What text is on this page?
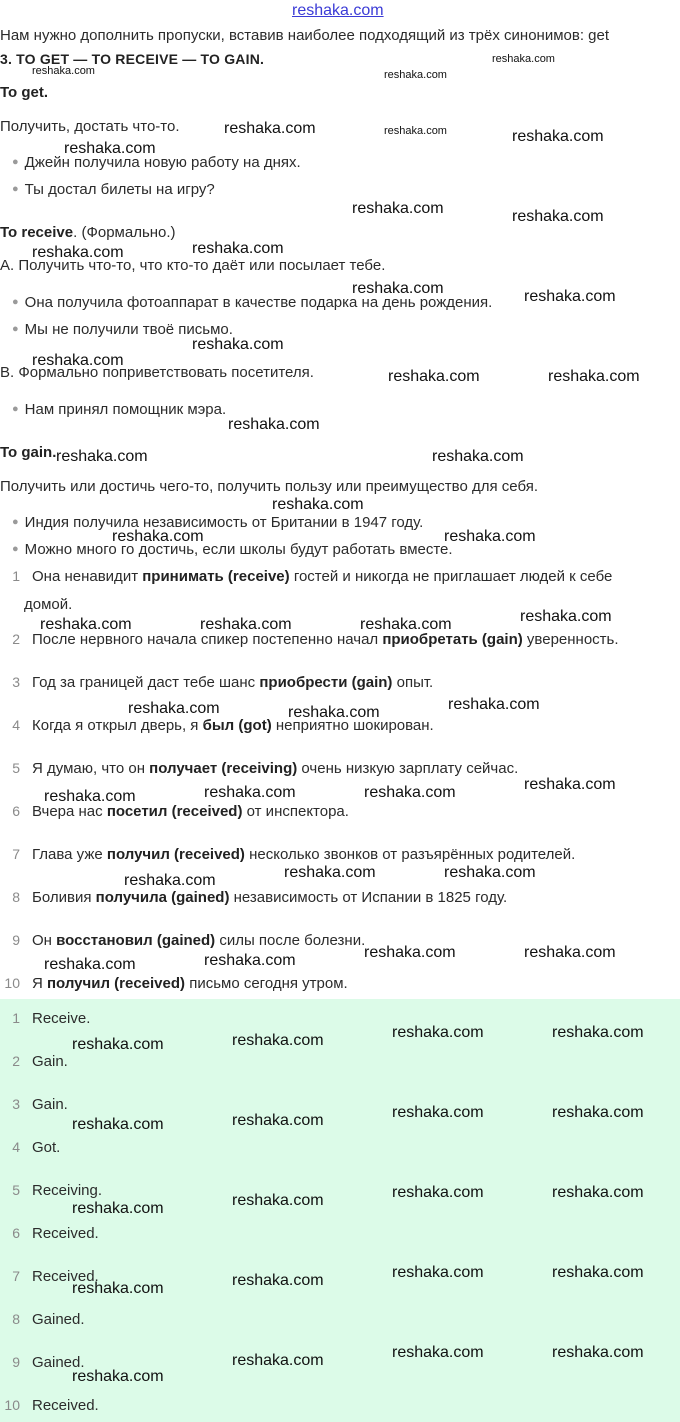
reshaka.com
Нам нужно дополнить пропуски, вставив наиболее подходящий из трёх синонимов: get
3. TO GET — TO RECEIVE — TO GAIN.
To get.
Получить, достать что-то.
● Джейн получила новую работу на днях.
● Ты достал билеты на игру?
To receive. (Формально.)
A. Получить что-то, что кто-то даёт или посылает тебе.
● Она получила фотоаппарат в качестве подарка на день рождения.
● Мы не получили твоё письмо.
B. Формально поприветствовать посетителя.
● Нам принял помощник мэра.
To gain.
Получить или достичь чего-то, получить пользу или преимущество для себя.
● Индия получила независимость от Британии в 1947 году.
● Можно много го достичь, если школы будут работать вместе.
1 Она ненавидит принимать (receive) гостей и никогда не приглашает людей к себе
домой.
2 После нервного начала спикер постепенно начал приобретать (gain) уверенность.
3 Год за границей даст тебе шанс приобрести (gain) опыт.
4 Когда я открыл дверь, я был (got) неприятно шокирован.
5 Я думаю, что он получает (receiving) очень низкую зарплату сейчас.
6 Вчера нас посетил (received) от инспектора.
7 Глава уже получил (received) несколько звонков от разъярённых родителей.
8 Боливия получила (gained) независимость от Испании в 1825 году.
9 Он восстановил (gained) силы после болезни.
10 Я получил (received) письмо сегодня утром.
1 Receive.
2 Gain.
3 Gain.
4 Got.
5 Receiving.
6 Received.
7 Received.
8 Gained.
9 Gained.
10 Received.
reshaka.com	reshaka.com
reshaka.com
reshaka.com
reshaka.com	reshaka.com
reshaka.com
reshaka.com	reshaka.com
reshaka.com	reshaka.com
reshaka.com	reshaka.com
reshaka.com
reshaka.com
reshaka.com	reshaka.com
reshaka.com
reshaka.com	reshaka.com
reshaka.com
reshaka.com	reshaka.com
reshaka.com	reshaka.com	reshaka.com	reshaka.com
reshaka.com	reshaka.com	reshaka.com
reshaka.com	reshaka.com	reshaka.com	reshaka.com
reshaka.com	reshaka.com
reshaka.com
reshaka.com	reshaka.com
reshaka.com	reshaka.com
reshaka.com	reshaka.com
reshaka.com
reshaka.com
reshaka.com	reshaka.com
reshaka.com
reshaka.com
reshaka.com	reshaka.com
reshaka.com
reshaka.com
reshaka.com	reshaka.com
reshaka.com
reshaka.com
reshaka.com	reshaka.com
reshaka.com
reshaka.com
